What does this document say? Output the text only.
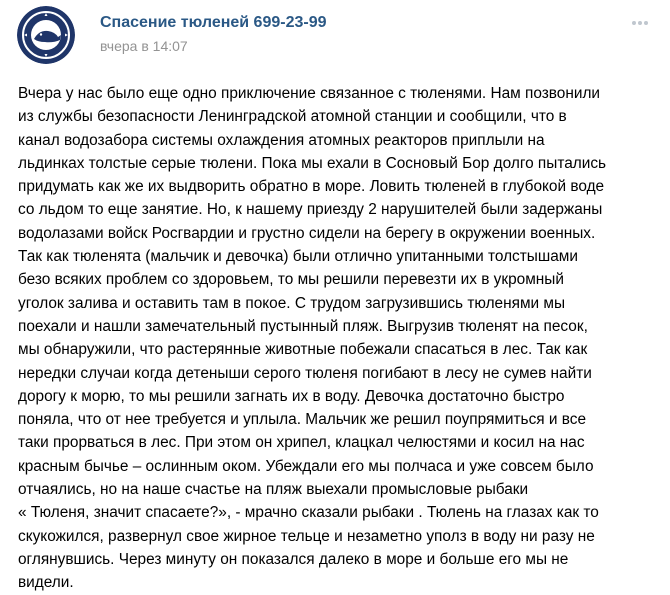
Спасение тюленей 699-23-99
вчера в 14:07
Вчера у нас было еще одно приключение связанное с тюленями. Нам позвонили
из службы безопасности Ленинградской атомной станции и сообщили, что в
канал водозабора системы охлаждения атомных реакторов приплыли на
льдинках толстые серые тюлени. Пока мы ехали в Сосновый Бор долго пытались
придумать как же их выдворить обратно в море. Ловить тюленей в глубокой воде
со льдом то еще занятие. Но, к нашему приезду 2 нарушителей были задержаны
водолазами войск Росгвардии и грустно сидели на берегу в окружении военных.
Так как тюленята (мальчик и девочка) были отлично упитанными толстышами
безо всяких проблем со здоровьем, то мы решили перевезти их в укромный
уголок залива и оставить там в покое. С трудом загрузившись тюленями мы
поехали и нашли замечательный пустынный пляж. Выгрузив тюленят на песок,
мы обнаружили, что растерянные животные побежали спасаться в лес. Так как
нередки случаи когда детеныши серого тюленя погибают в лесу не сумев найти
дорогу к морю, то мы решили загнать их в воду. Девочка достаточно быстро
поняла, что от нее требуется и уплыла. Мальчик же решил поупрямиться и все
таки прорваться в лес. При этом он хрипел, клацкал челюстями и косил на нас
красным бычье – ослинным оком. Убеждали его мы полчаса и уже совсем было
отчаялись, но на наше счастье на пляж выехали промысловые рыбаки
« Тюленя, значит спасаете?», - мрачно сказали рыбаки . Тюлень на глазах как то
скукожился, развернул свое жирное тельце и незаметно уполз в воду ни разу не
оглянувшись. Через минуту он показался далеко в море и больше его мы не
видели.
